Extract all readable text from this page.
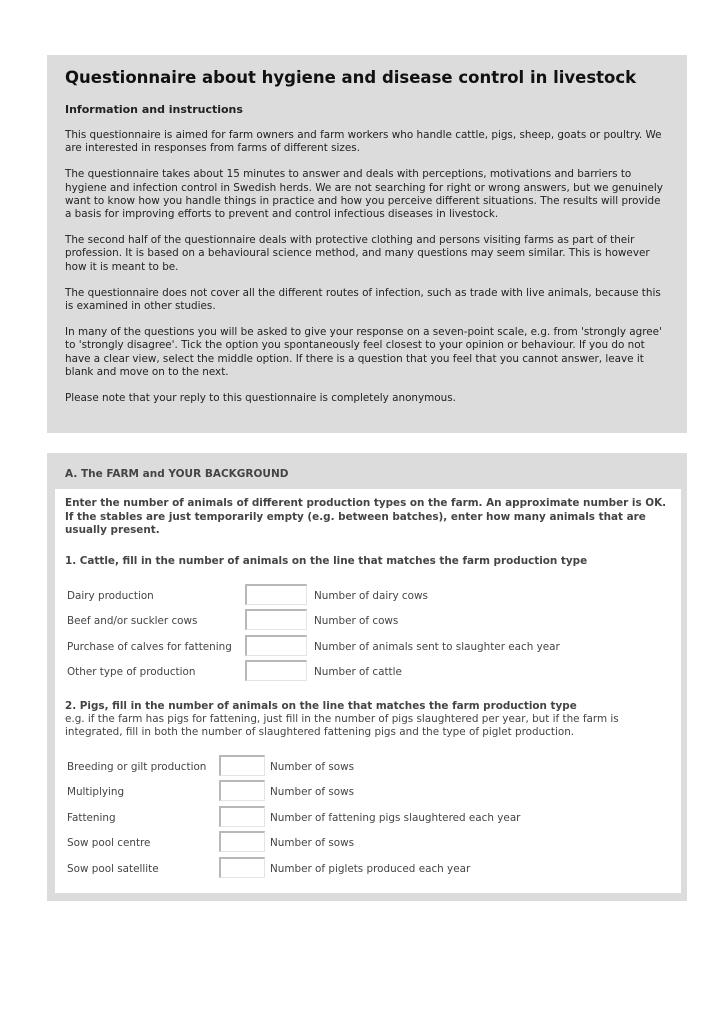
Questionnaire about hygiene and disease control in livestock
Information and instructions

This questionnaire is aimed for farm owners and farm workers who handle cattle, pigs, sheep, goats or poultry. We are interested in responses from farms of different sizes.

The questionnaire takes about 15 minutes to answer and deals with perceptions, motivations and barriers to hygiene and infection control in Swedish herds. We are not searching for right or wrong answers, but we genuinely want to know how you handle things in practice and how you perceive different situations. The results will provide a basis for improving efforts to prevent and control infectious diseases in livestock.

The second half of the questionnaire deals with protective clothing and persons visiting farms as part of their profession. It is based on a behavioural science method, and many questions may seem similar. This is however how it is meant to be.

The questionnaire does not cover all the different routes of infection, such as trade with live animals, because this is examined in other studies.

In many of the questions you will be asked to give your response on a seven-point scale, e.g. from 'strongly agree' to 'strongly disagree'. Tick the option you spontaneously feel closest to your opinion or behaviour. If you do not have a clear view, select the middle option. If there is a question that you feel that you cannot answer, leave it blank and move on to the next.

Please note that your reply to this questionnaire is completely anonymous.

A. The FARM and YOUR BACKGROUND

Enter the number of animals of different production types on the farm. An approximate number is OK. If the stables are just temporarily empty (e.g. between batches), enter how many animals that are usually present.

1. Cattle, fill in the number of animals on the line that matches the farm production type

Dairy production	Number of dairy cows
Beef and/or suckler cows	Number of cows
Purchase of calves for fattening	Number of animals sent to slaughter each year
Other type of production	Number of cattle

2. Pigs, fill in the number of animals on the line that matches the farm production type

e.g. if the farm has pigs for fattening, just fill in the number of pigs slaughtered per year, but if the farm is integrated, fill in both the number of slaughtered fattening pigs and the type of piglet production.

Breeding or gilt production	Number of sows
Multiplying	Number of sows
Fattening	Number of fattening pigs slaughtered each year
Sow pool centre	Number of sows
Sow pool satellite	Number of piglets produced each year
